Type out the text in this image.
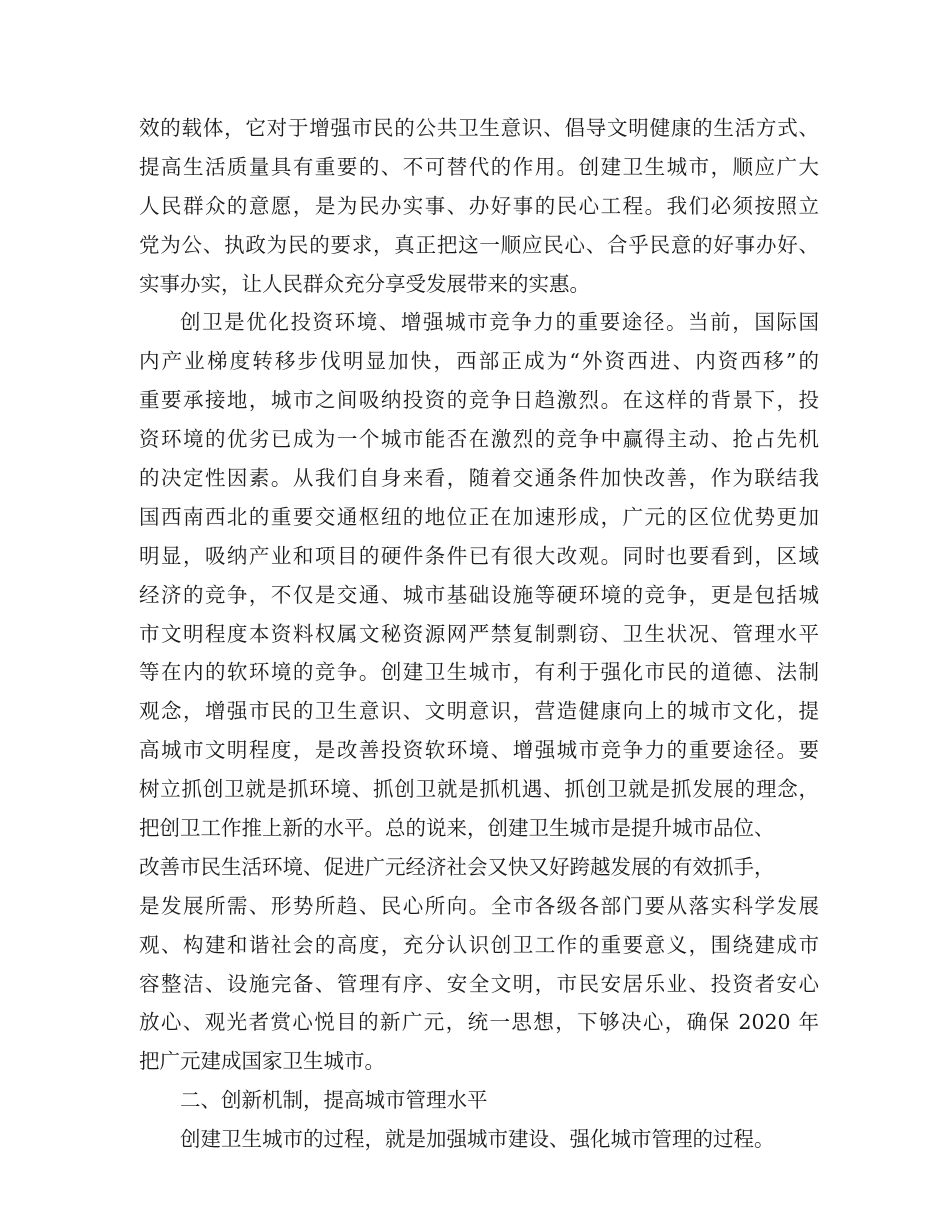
效的载体，它对于增强市民的公共卫生意识、倡导文明健康的生活方式、
提高生活质量具有重要的、不可替代的作用。创建卫生城市，顺应广大
人民群众的意愿，是为民办实事、办好事的民心工程。我们必须按照立
党为公、执政为民的要求，真正把这一顺应民心、合乎民意的好事办好、
实事办实，让人民群众充分享受发展带来的实惠。
创卫是优化投资环境、增强城市竞争力的重要途径。当前，国际国
内产业梯度转移步伐明显加快，西部正成为“外资西进、内资西移”的
重要承接地，城市之间吸纳投资的竞争日趋激烈。在这样的背景下，投
资环境的优劣已成为一个城市能否在激烈的竞争中赢得主动、抢占先机
的决定性因素。从我们自身来看，随着交通条件加快改善，作为联结我
国西南西北的重要交通枢纽的地位正在加速形成，广元的区位优势更加
明显，吸纳产业和项目的硬件条件已有很大改观。同时也要看到，区域
经济的竞争，不仅是交通、城市基础设施等硬环境的竞争，更是包括城
市文明程度本资料权属文秘资源网严禁复制剽窃、卫生状况、管理水平
等在内的软环境的竞争。创建卫生城市，有利于强化市民的道德、法制
观念，增强市民的卫生意识、文明意识，营造健康向上的城市文化，提
高城市文明程度，是改善投资软环境、增强城市竞争力的重要途径。要
树立抓创卫就是抓环境、抓创卫就是抓机遇、抓创卫就是抓发展的理念，
把创卫工作推上新的水平。总的说来，创建卫生城市是提升城市品位、
改善市民生活环境、促进广元经济社会又快又好跨越发展的有效抓手，
是发展所需、形势所趋、民心所向。全市各级各部门要从落实科学发展
观、构建和谐社会的高度，充分认识创卫工作的重要意义，围绕建成市
容整洁、设施完备、管理有序、安全文明，市民安居乐业、投资者安心
放心、观光者赏心悦目的新广元，统一思想，下够决心，确保 2020 年
把广元建成国家卫生城市。
二、创新机制，提高城市管理水平
创建卫生城市的过程，就是加强城市建设、强化城市管理的过程。
